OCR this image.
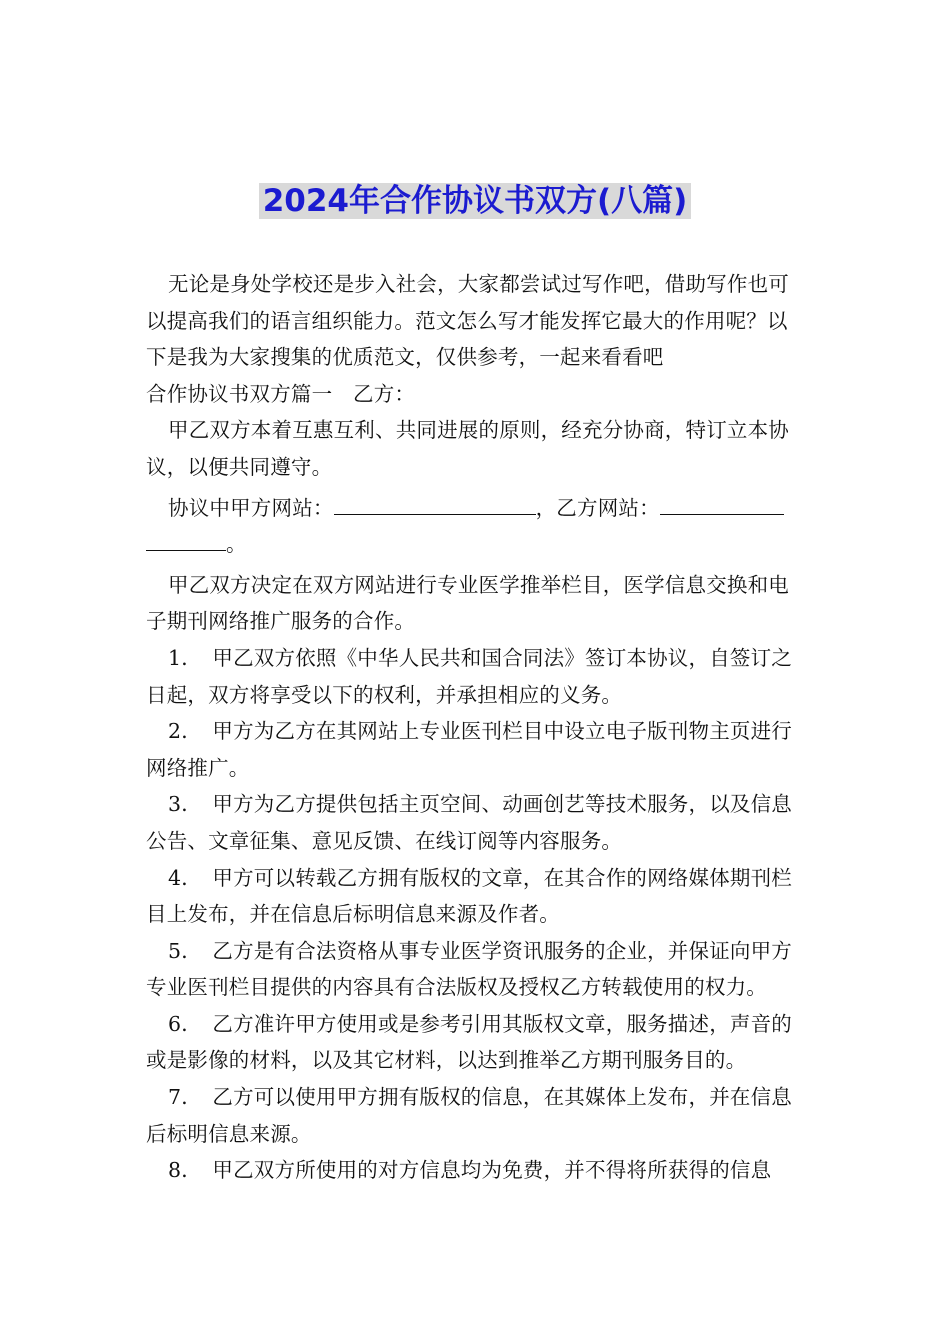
2024年合作协议书双方(八篇)

无论是身处学校还是步入社会，大家都尝试过写作吧，借助写作也可以提高我们的语言组织能力。范文怎么写才能发挥它最大的作用呢？以下是我为大家搜集的优质范文，仅供参考，一起来看看吧

合作协议书双方篇一　乙方：

甲乙双方本着互惠互利、共同进展的原则，经充分协商，特订立本协议，以便共同遵守。

协议中甲方网站：	，乙方网站：
。

甲乙双方决定在双方网站进行专业医学推举栏目，医学信息交换和电子期刊网络推广服务的合作。

1．　甲乙双方依照《中华人民共和国合同法》签订本协议，自签订之日起，双方将享受以下的权利，并承担相应的义务。

2．　甲方为乙方在其网站上专业医刊栏目中设立电子版刊物主页进行网络推广。

3．　甲方为乙方提供包括主页空间、动画创艺等技术服务，以及信息公告、文章征集、意见反馈、在线订阅等内容服务。

4．　甲方可以转载乙方拥有版权的文章，在其合作的网络媒体期刊栏目上发布，并在信息后标明信息来源及作者。

5．　乙方是有合法资格从事专业医学资讯服务的企业，并保证向甲方专业医刊栏目提供的内容具有合法版权及授权乙方转载使用的权力。

6．　乙方准许甲方使用或是参考引用其版权文章，服务描述，声音的或是影像的材料，以及其它材料，以达到推举乙方期刊服务目的。

7．　乙方可以使用甲方拥有版权的信息，在其媒体上发布，并在信息后标明信息来源。

8．　甲乙双方所使用的对方信息均为免费，并不得将所获得的信息
